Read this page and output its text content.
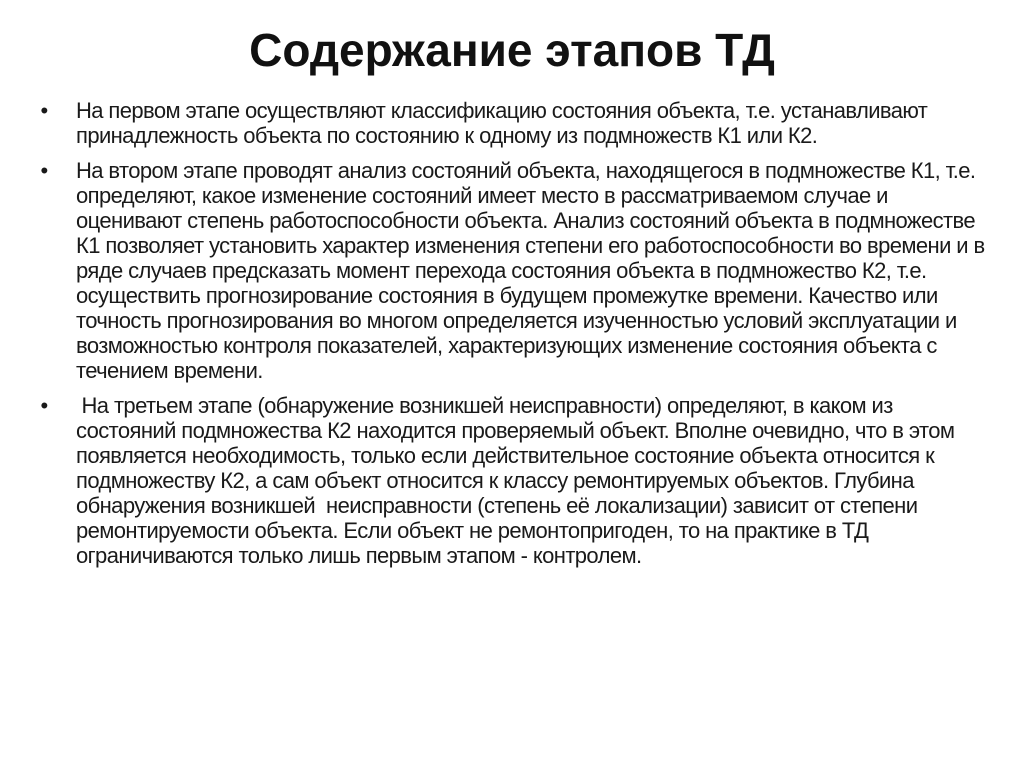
Содержание этапов ТД
• На первом этапе осуществляют классификацию состояния объекта, т.е. устанавливают принадлежность объекта по состоянию к одному из подмножеств К1 или К2.
• На втором этапе проводят анализ состояний объекта, находящегося в подмножестве К1, т.е. определяют, какое изменение состояний имеет место в рассматриваемом случае и оценивают степень работоспособности объекта. Анализ состояний объекта в подмножестве К1 позволяет установить характер изменения степени его работоспособности во времени и в ряде случаев предсказать момент перехода состояния объекта в подмножество К2, т.е. осуществить прогнозирование состояния в будущем промежутке времени. Качество или точность прогнозирования во многом определяется изученностью условий эксплуатации и возможностью контроля показателей, характеризующих изменение состояния объекта с течением времени.
• На третьем этапе (обнаружение возникшей неисправности) определяют, в каком из состояний подмножества К2 находится проверяемый объект. Вполне очевидно, что в этом появляется необходимость, только если действительное состояние объекта относится к подмножеству К2, а сам объект относится к классу ремонтируемых объектов. Глубина обнаружения возникшей  неисправности (степень её локализации) зависит от степени ремонтируемости объекта. Если объект не ремонтопригоден, то на практике в ТД ограничиваются только лишь первым этапом - контролем.
